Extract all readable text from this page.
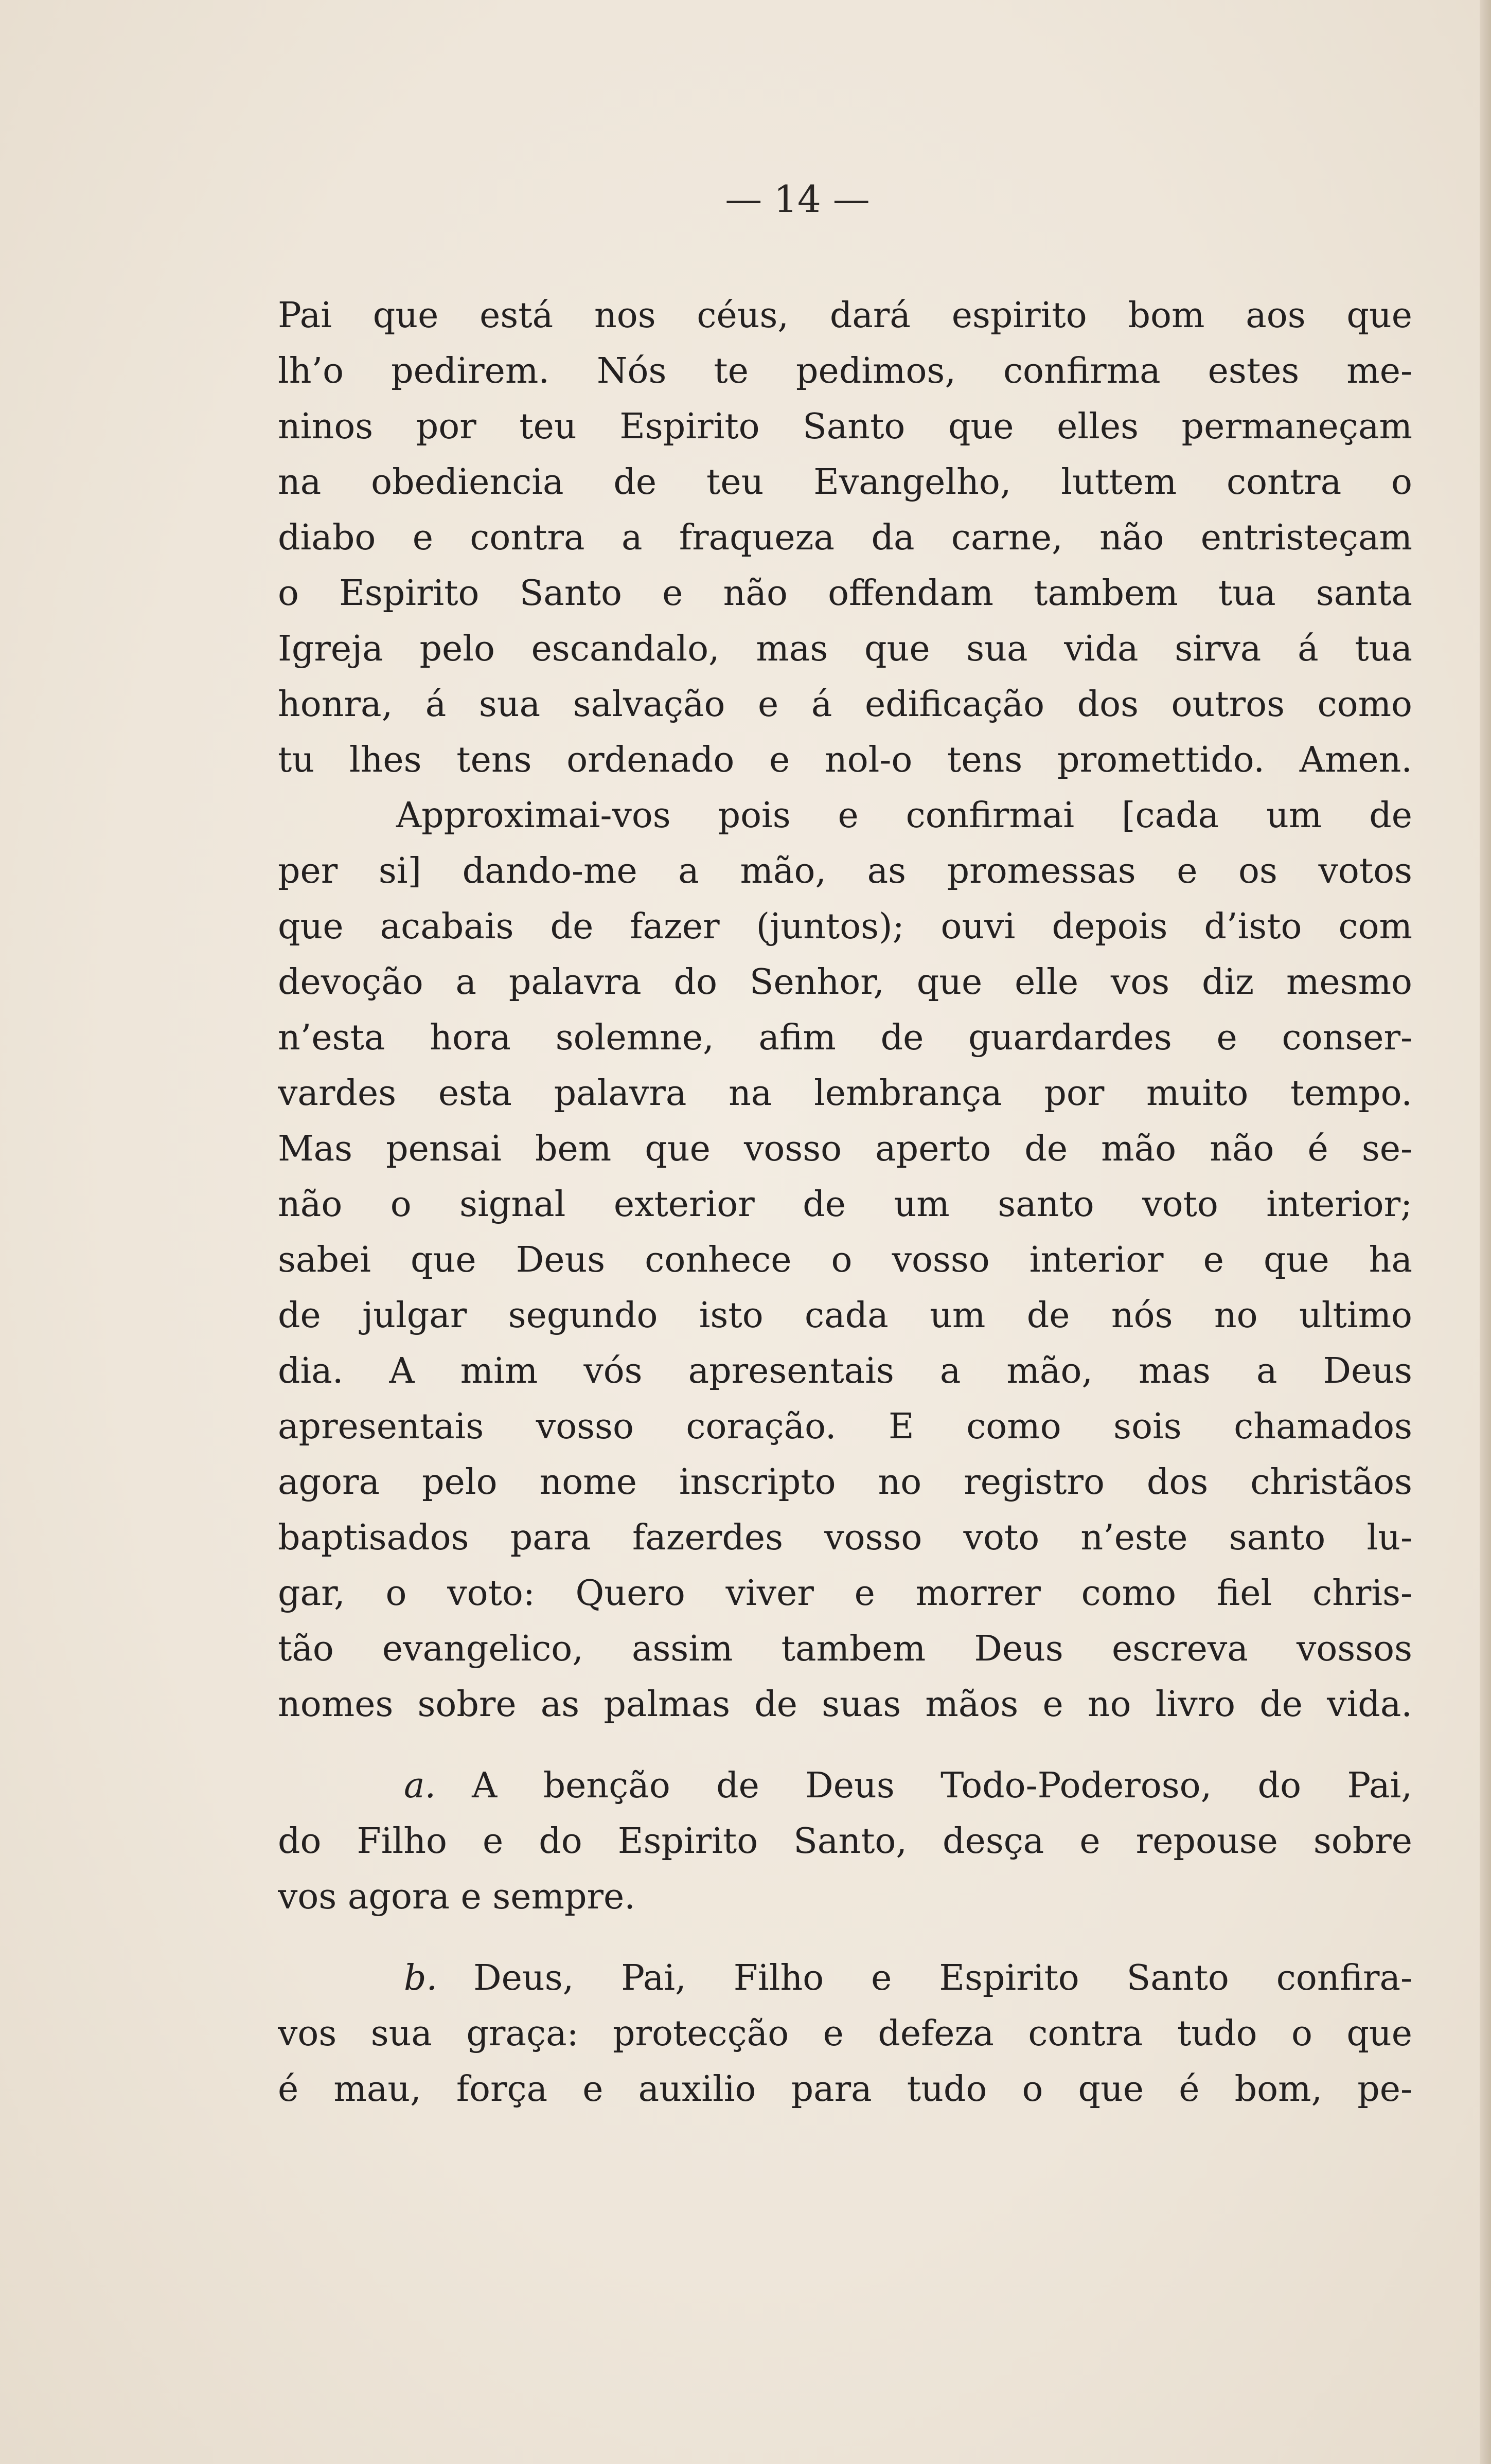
— 14 —
Pai que está nos céus, dará espirito bom aos que
lh’o pedirem. Nós te pedimos, confirma estes me-
ninos por teu Espirito Santo que elles permaneçam
na obediencia de teu Evangelho, luttem contra o
diabo e contra a fraqueza da carne, não entristeçam
o Espirito Santo e não offendam tambem tua santa
Igreja pelo escandalo, mas que sua vida sirva á tua
honra, á sua salvação e á edificação dos outros como
tu lhes tens ordenado e nol-o tens promettido. Amen.
Approximai-vos pois e confirmai [cada um de
per si] dando-me a mão, as promessas e os votos
que acabais de fazer (juntos); ouvi depois d’isto com
devoção a palavra do Senhor, que elle vos diz mesmo
n’esta hora solemne, afim de guardardes e conser-
vardes esta palavra na lembrança por muito tempo.
Mas pensai bem que vosso aperto de mão não é se-
não o signal exterior de um santo voto interior;
sabei que Deus conhece o vosso interior e que ha
de julgar segundo isto cada um de nós no ultimo
dia. A mim vós apresentais a mão, mas a Deus
apresentais vosso coração. E como sois chamados
agora pelo nome inscripto no registro dos christãos
baptisados para fazerdes vosso voto n’este santo lu-
gar, o voto: Quero viver e morrer como fiel chris-
tão evangelico, assim tambem Deus escreva vossos
nomes sobre as palmas de suas mãos e no livro de vida.
a. A benção de Deus Todo-Poderoso, do Pai,
do Filho e do Espirito Santo, desça e repouse sobre
vos agora e sempre.
b. Deus, Pai, Filho e Espirito Santo confira-
vos sua graça: protecção e defeza contra tudo o que
é mau, força e auxilio para tudo o que é bom, pe-
